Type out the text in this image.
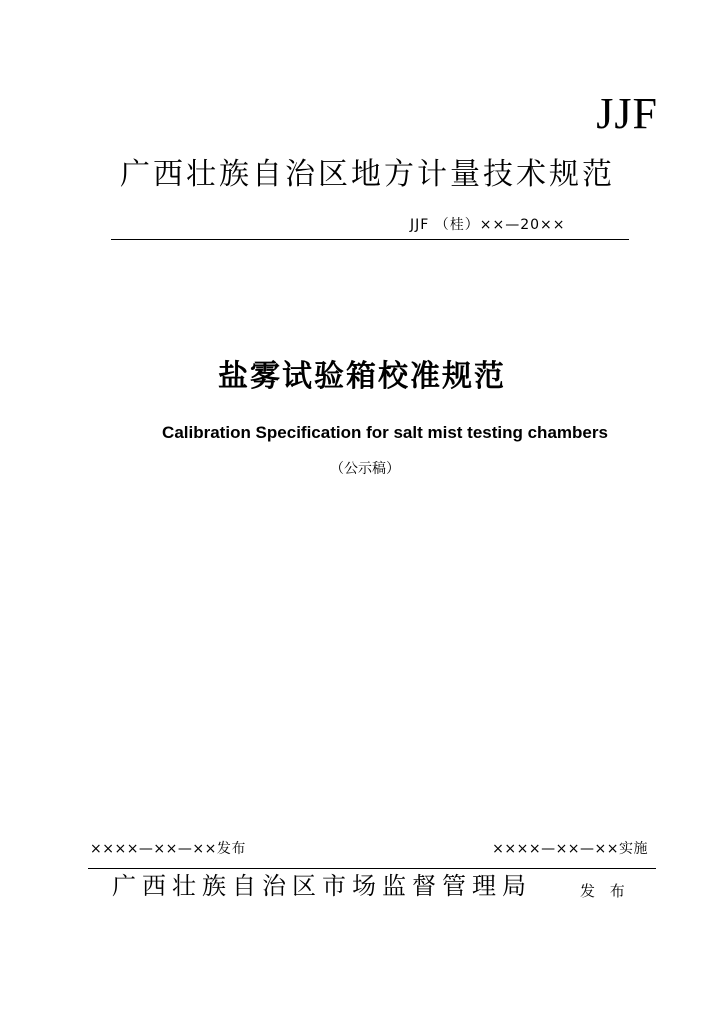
JJF
广西壮族自治区地方计量技术规范
JJF （桂）××—20××
盐雾试验箱校准规范
Calibration Specification for salt mist testing chambers
（公示稿）
××××—××—××发布	××××—××—××实施
广西壮族自治区市场监督管理局	发 布
